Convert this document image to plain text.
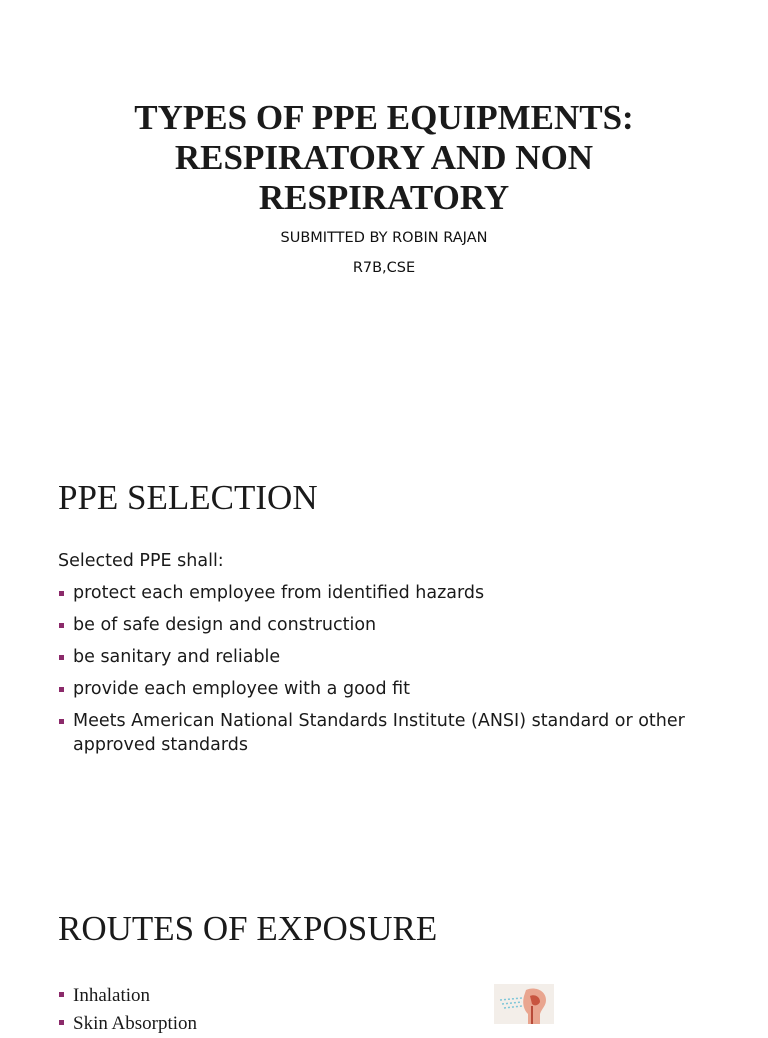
TYPES OF PPE EQUIPMENTS:
RESPIRATORY AND NON
RESPIRATORY
SUBMITTED BY ROBIN RAJAN
R7B,CSE
PPE SELECTION
Selected PPE shall:
protect each employee from identified hazards
be of safe design and construction
be sanitary and reliable
provide each employee with a good fit
Meets American National Standards Institute (ANSI) standard or other approved standards
ROUTES OF EXPOSURE
Inhalation
Skin Absorption
